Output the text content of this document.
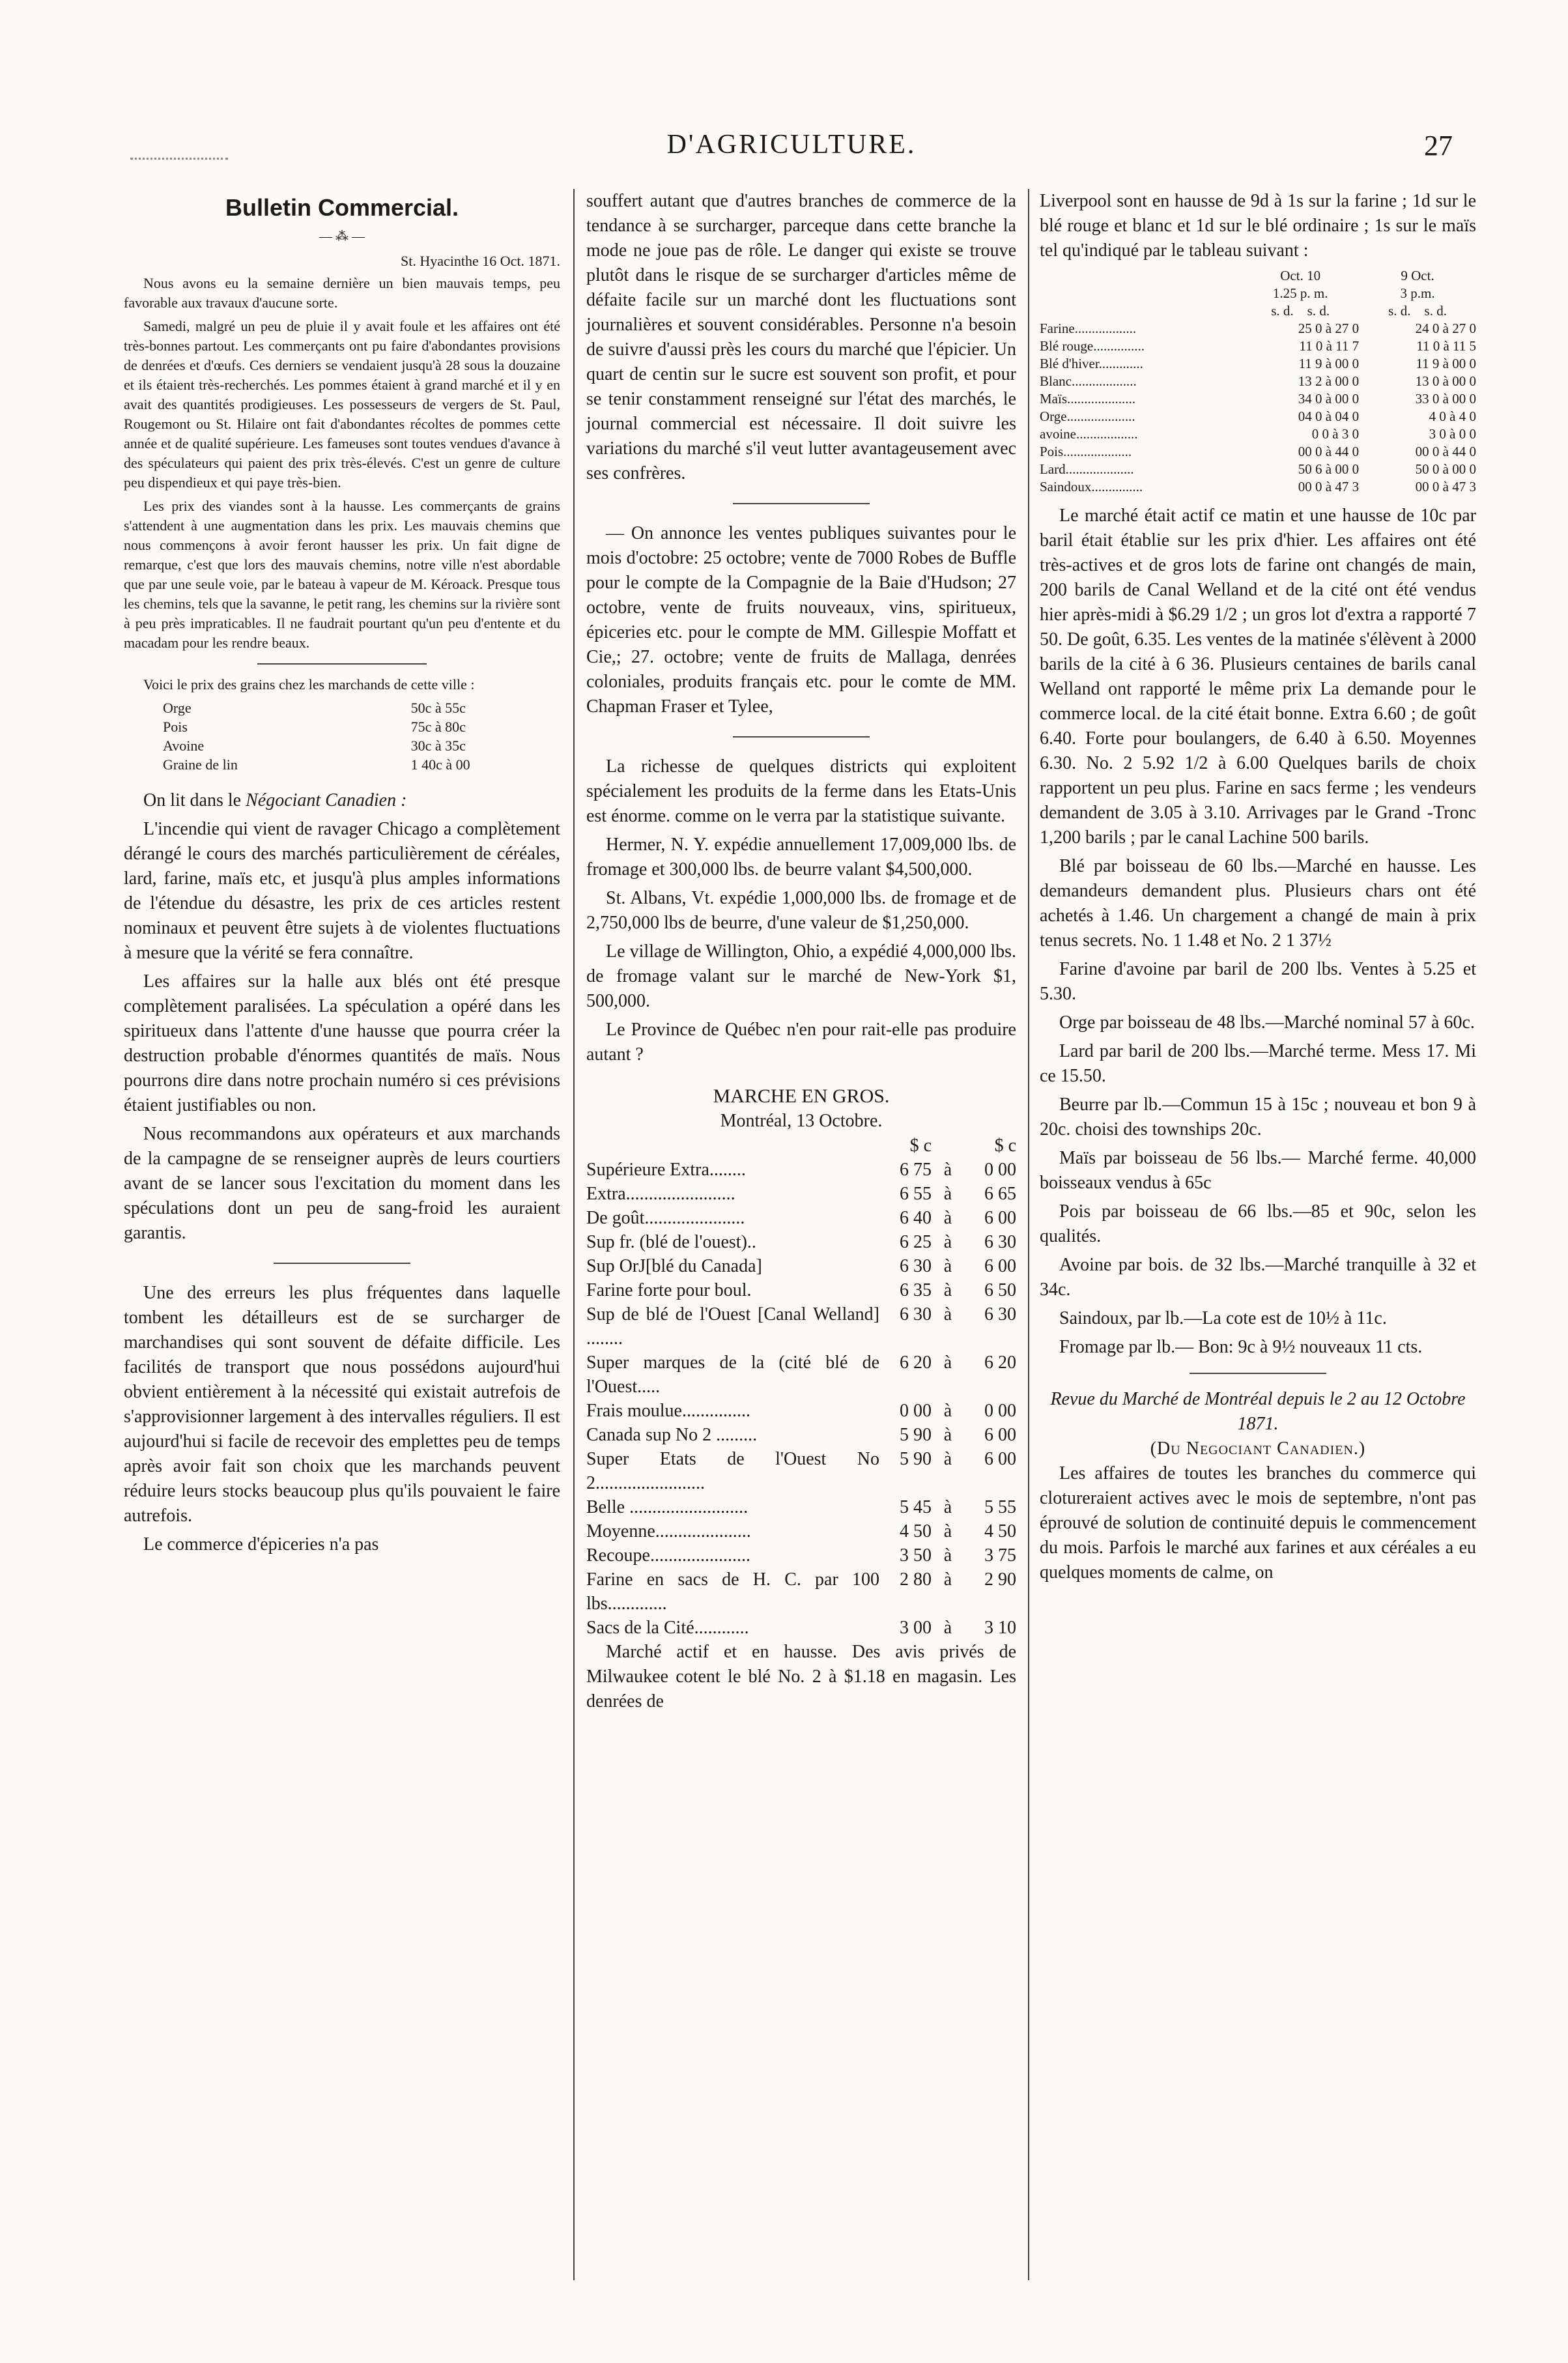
D'AGRICULTURE.	27
Bulletin Commercial.
— ⁂ —
St. Hyacinthe 16 Oct. 1871.

Nous avons eu la semaine dernière un bien mauvais temps, peu favorable aux travaux d'aucune sorte.

Samedi, malgré un peu de pluie il y avait foule et les affaires ont été très-bonnes partout. Les commerçants ont pu faire d'abondantes provisions de denrées et d'œufs. Ces derniers se vendaient jusqu'à 28 sous la douzaine et ils étaient très-recherchés. Les pommes étaient à grand marché et il y en avait des quantités prodigieuses. Les possesseurs de vergers de St. Paul, Rougemont ou St. Hilaire ont fait d'abondantes récoltes de pommes cette année et de qualité supérieure. Les fameuses sont toutes vendues d'avance à des spéculateurs qui paient des prix très-élevés. C'est un genre de culture peu dispendieux et qui paye très-bien.

Les prix des viandes sont à la hausse. Les commerçants de grains s'attendent à une augmentation dans les prix. Les mauvais chemins que nous commençons à avoir feront hausser les prix. Un fait digne de remarque, c'est que lors des mauvais chemins, notre ville n'est abordable que par une seule voie, par le bateau à vapeur de M. Kéroack. Presque tous les chemins, tels que la savanne, le petit rang, les chemins sur la rivière sont à peu près impraticables. Il ne faudrait pourtant qu'un peu d'entente et du macadam pour les rendre beaux.

Voici le prix des grains chez les marchands de cette ville :

Orge	50c à 55c
Pois	75c à 80c
Avoine	30c à 35c
Graine de lin	1 40c à 00

On lit dans le Négociant Canadien :

L'incendie qui vient de ravager Chicago a complètement dérangé le cours des marchés particulièrement de céréales, lard, farine, maïs etc, et jusqu'à plus amples informations de l'étendue du désastre, les prix de ces articles restent nominaux et peuvent être sujets à de violentes fluctuations à mesure que la vérité se fera connaître.

Les affaires sur la halle aux blés ont été presque complètement paralisées. La spéculation a opéré dans les spiritueux dans l'attente d'une hausse que pourra créer la destruction probable d'énormes quantités de maïs. Nous pourrons dire dans notre prochain numéro si ces prévisions étaient justifiables ou non.

Nous recommandons aux opérateurs et aux marchands de la campagne de se renseigner auprès de leurs courtiers avant de se lancer sous l'excitation du moment dans les spéculations dont un peu de sang-froid les auraient garantis.

Une des erreurs les plus fréquentes dans laquelle tombent les détailleurs est de se surcharger de marchandises qui sont souvent de défaite difficile. Les facilités de transport que nous possédons aujourd'hui obvient entièrement à la nécessité qui existait autrefois de s'approvisionner largement à des intervalles réguliers. Il est aujourd'hui si facile de recevoir des emplettes peu de temps après avoir fait son choix que les marchands peuvent réduire leurs stocks beaucoup plus qu'ils pouvaient le faire autrefois.

Le commerce d'épiceries n'a pas

souffert autant que d'autres branches de commerce de la tendance à se surcharger, parceque dans cette branche la mode ne joue pas de rôle. Le danger qui existe se trouve plutôt dans le risque de se surcharger d'articles même de défaite facile sur un marché dont les fluctuations sont journalières et souvent considérables. Personne n'a besoin de suivre d'aussi près les cours du marché que l'épicier. Un quart de centin sur le sucre est souvent son profit, et pour se tenir constamment renseigné sur l'état des marchés, le journal commercial est nécessaire. Il doit suivre les variations du marché s'il veut lutter avantageusement avec ses confrères.

— On annonce les ventes publiques suivantes pour le mois d'octobre: 25 octobre; vente de 7000 Robes de Buffle pour le compte de la Compagnie de la Baie d'Hudson; 27 octobre, vente de fruits nouveaux, vins, spiritueux, épiceries etc. pour le compte de MM. Gillespie Moffatt et Cie,; 27. octobre; vente de fruits de Mallaga, denrées coloniales, produits français etc. pour le comte de MM. Chapman Fraser et Tylee,

La richesse de quelques districts qui exploitent spécialement les produits de la ferme dans les Etats-Unis est énorme. comme on le verra par la statistique suivante.

Hermer, N. Y. expédie annuellement 17,009,000 lbs. de fromage et 300,000 lbs. de beurre valant $4,500,000.

St. Albans, Vt. expédie 1,000,000 lbs. de fromage et de 2,750,000 lbs de beurre, d'une valeur de $1,250,000.

Le village de Willington, Ohio, a expédié 4,000,000 lbs. de fromage valant sur le marché de New-York $1, 500,000.

Le Province de Québec n'en pour rait-elle pas produire autant ?

MARCHE EN GROS.
Montréal, 13 Octobre.
	$ c		$ c
Supérieure Extra........	6 75	à	0 00
Extra........................	6 55	à	6 65
De goût......................	6 40	à	6 00
Sup fr. (blé de l'ouest)..	6 25	à	6 30
Sup OrJ[blé du Canada]	6 30	à	6 00
Farine forte pour boul.	6 35	à	6 50
Sup de blé de l'Ouest [Canal Welland] ........	6 30	à	6 30
Super marques de la (cité blé de l'Ouest.....	6 20	à	6 20
Frais moulue...............	0 00	à	0 00
Canada sup No 2 .........	5 90	à	6 00
Super Etats de l'Ouest No 2........................	5 90	à	6 00
Belle ..........................	5 45	à	5 55
Moyenne.....................	4 50	à	4 50
Recoupe......................	3 50	à	3 75
Farine en sacs de H. C. par 100 lbs.............	2 80	à	2 90
Sacs de la Cité............	3 00	à	3 10

Marché actif et en hausse. Des avis privés de Milwaukee cotent le blé No. 2 à $1.18 en magasin. Les denrées de

Liverpool sont en hausse de 9d à 1s sur la farine ; 1d sur le blé rouge et blanc et 1d sur le blé ordinaire ; 1s sur le maïs tel qu'indiqué par le tableau suivant :

	Oct. 10	9 Oct.
	1.25 p. m.	3 p.m.
	s. d. s. d.	s. d. s. d.
Farine..................	25 0 à 27 0	24 0 à 27 0
Blé rouge...............	11 0 à 11 7	11 0 à 11 5
Blé d'hiver.............	11 9 à 00 0	11 9 à 00 0
Blanc...................	13 2 à 00 0	13 0 à 00 0
Maïs....................	34 0 à 00 0	33 0 à 00 0
Orge....................	04 0 à 04 0	4 0 à 4 0
avoine..................	0 0 à 3 0	3 0 à 0 0
Pois....................	00 0 à 44 0	00 0 à 44 0
Lard....................	50 6 à 00 0	50 0 à 00 0
Saindoux...............	00 0 à 47 3	00 0 à 47 3

Le marché était actif ce matin et une hausse de 10c par baril était établie sur les prix d'hier. Les affaires ont été très-actives et de gros lots de farine ont changés de main, 200 barils de Canal Welland et de la cité ont été vendus hier après-midi à $6.29 1/2 ; un gros lot d'extra a rapporté 7 50. De goût, 6.35. Les ventes de la matinée s'élèvent à 2000 barils de la cité à 6 36. Plusieurs centaines de barils canal Welland ont rapporté le même prix La demande pour le commerce local. de la cité était bonne. Extra 6.60 ; de goût 6.40. Forte pour boulangers, de 6.40 à 6.50. Moyennes 6.30. No. 2 5.92 1/2 à 6.00 Quelques barils de choix rapportent un peu plus. Farine en sacs ferme ; les vendeurs demandent de 3.05 à 3.10. Arrivages par le Grand -Tronc 1,200 barils ; par le canal Lachine 500 barils.

Blé par boisseau de 60 lbs.—Marché en hausse. Les demandeurs demandent plus. Plusieurs chars ont été achetés à 1.46. Un chargement a changé de main à prix tenus secrets. No. 1 1.48 et No. 2 1 37½

Farine d'avoine par baril de 200 lbs. Ventes à 5.25 et 5.30.

Orge par boisseau de 48 lbs.—Marché nominal 57 à 60c.

Lard par baril de 200 lbs.—Marché terme. Mess 17. Mi ce 15.50.

Beurre par lb.—Commun 15 à 15c ; nouveau et bon 9 à 20c. choisi des townships 20c.

Maïs par boisseau de 56 lbs.— Marché ferme. 40,000 boisseaux vendus à 65c

Pois par boisseau de 66 lbs.—85 et 90c, selon les qualités.

Avoine par bois. de 32 lbs.—Marché tranquille à 32 et 34c.

Saindoux, par lb.—La cote est de 10½ à 11c.

Fromage par lb.— Bon: 9c à 9½ nouveaux 11 cts.

Revue du Marché de Montréal depuis le 2 au 12 Octobre 1871.
(Du Negociant Canadien.)

Les affaires de toutes les branches du commerce qui clotureraient actives avec le mois de septembre, n'ont pas éprouvé de solution de continuité depuis le commencement du mois. Parfois le marché aux farines et aux céréales a eu quelques moments de calme, on
